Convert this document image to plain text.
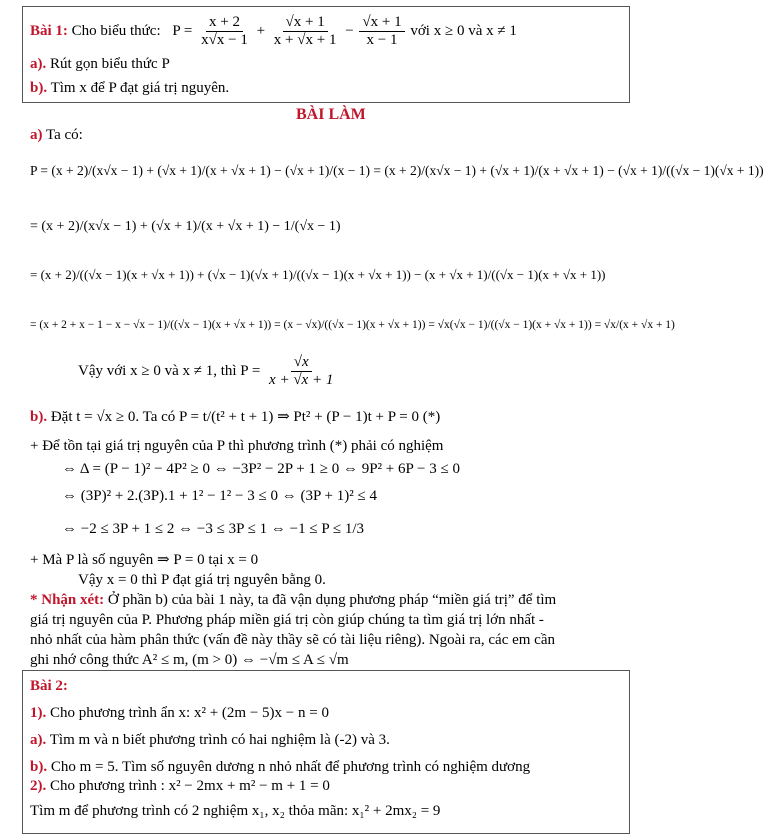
Bài 1: Cho biểu thức: $P = \frac{x + 2}{x√x - 1} + \frac{√x + 1}{x + √x + 1} - \frac{√x + 1}{x - 1}$ với x ≥ 0 và x ≠ 1
a). Rút gọn biểu thức P
b). Tìm x để P đạt giá trị nguyên.
BÀI LÀM
a) Ta có:
P = (x + 2)/(x√x − 1) + (√x + 1)/(x + √x + 1) − (√x + 1)/(x − 1) = (x + 2)/(x√x − 1) + (√x + 1)/(x + √x + 1) − (√x + 1)/((√x − 1)(√x + 1))
= (x + 2)/(x√x − 1) + (√x + 1)/(x + √x + 1) − 1/(√x − 1)
= (x + 2)/((√x − 1)(x + √x + 1)) + (√x − 1)(√x + 1)/((√x − 1)(x + √x + 1)) − (x + √x + 1)/((√x − 1)(x + √x + 1))
= (x + 2 + x − 1 − x − √x − 1)/((√x − 1)(x + √x + 1)) = (x − √x)/((√x − 1)(x + √x + 1)) = √x(√x − 1)/((√x − 1)(x + √x + 1)) = √x/(x + √x + 1)
Vậy với x ≥ 0 và x ≠ 1, thì $P = \frac{√x}{x + √x + 1}$
b). Đặt t = √x ≥ 0. Ta có P = t/(t² + t + 1) ⇒ Pt² + (P − 1)t + P = 0 (*)
+ Để tồn tại giá trị nguyên của P thì phương trình (*) phải có nghiệm
⇔ Δ = (P − 1)² − 4P² ≥ 0 ⇔ −3P² − 2P + 1 ≥ 0 ⇔ 9P² + 6P − 3 ≤ 0
⇔ (3P)² + 2.(3P).1 + 1² − 1² − 3 ≤ 0 ⇔ (3P + 1)² ≤ 4
⇔ −2 ≤ 3P + 1 ≤ 2 ⇔ −3 ≤ 3P ≤ 1 ⇔ −1 ≤ P ≤ 1/3
+ Mà P là số nguyên ⇒ P = 0 tại x = 0
Vậy x = 0 thì P đạt giá trị nguyên bằng 0.
* Nhận xét: Ở phần b) của bài 1 này, ta đã vận dụng phương pháp “miền giá trị” để tìm
giá trị nguyên của P. Phương pháp miền giá trị còn giúp chúng ta tìm giá trị lớn nhất -
nhỏ nhất của hàm phân thức (vấn đề này thầy sẽ có tài liệu riêng). Ngoài ra, các em cần
ghi nhớ công thức A² ≤ m, (m > 0) ⇔ −√m ≤ A ≤ √m
Bài 2:
1). Cho phương trình ẩn x: x² + (2m − 5)x − n = 0
a). Tìm m và n biết phương trình có hai nghiệm là (-2) và 3.
b). Cho m = 5. Tìm số nguyên dương n nhỏ nhất để phương trình có nghiệm dương
2). Cho phương trình : x² − 2mx + m² − m + 1 = 0
Tìm m để phương trình có 2 nghiệm x₁, x₂ thỏa mãn: x₁² + 2mx₂ = 9
